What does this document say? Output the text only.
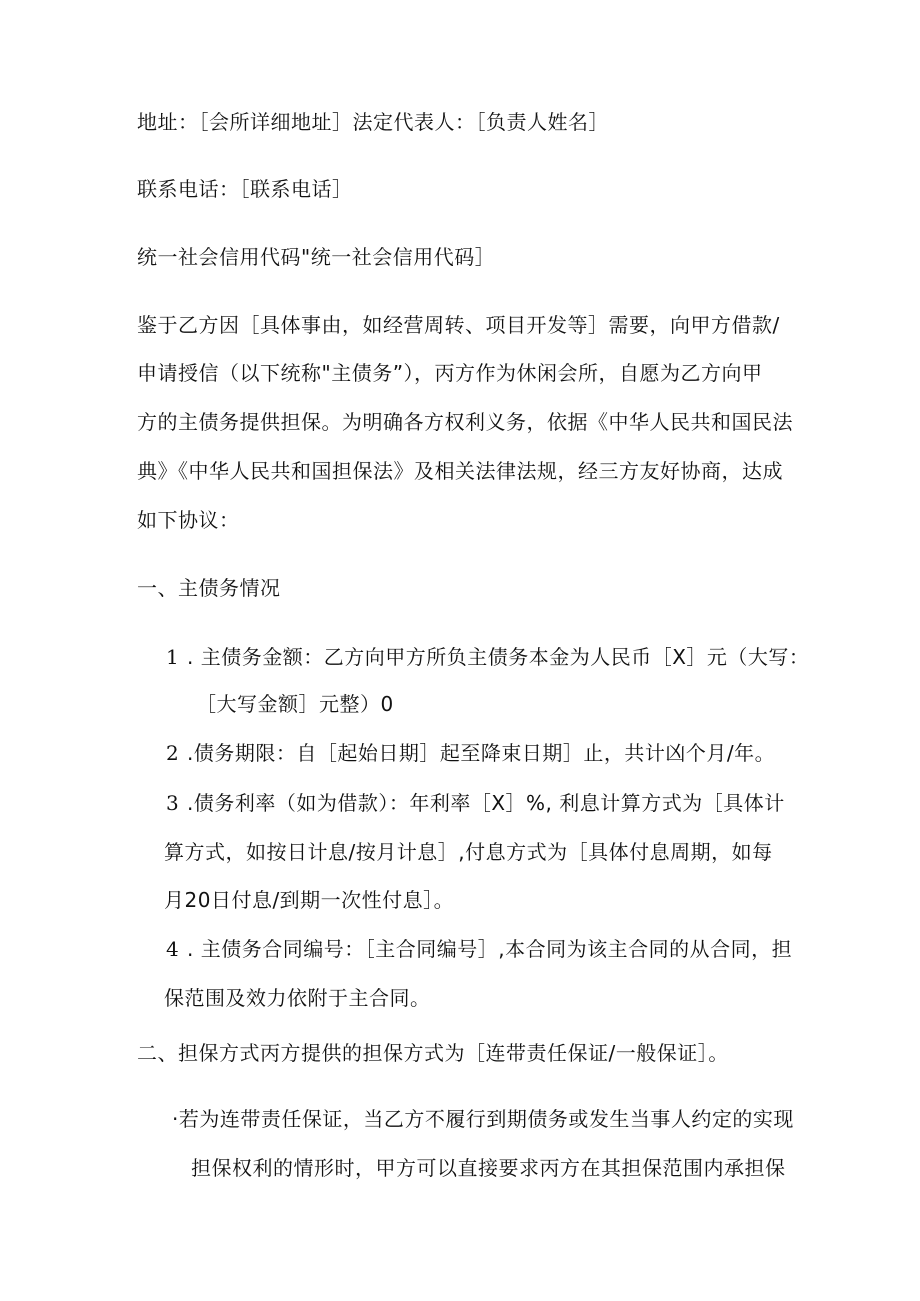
地址：［会所详细地址］法定代表人：［负责人姓名］
联系电话：［联系电话］
统一社会信用代码"统一社会信用代码］
鉴于乙方因［具体事由，如经营周转、项目开发等］需要，向甲方借款/
申请授信（以下统称"主债务”），丙方作为休闲会所，自愿为乙方向甲
方的主债务提供担保。为明确各方权利义务，依据《中华人民共和国民法
典》《中华人民共和国担保法》及相关法律法规，经三方友好协商，达成
如下协议：
一、主债务情况
1 . 主债务金额：乙方向甲方所负主债务本金为人民币［X］元（大写：
［大写金额］元整）0
2 .债务期限：自［起始日期］起至降束日期］止，共计凶个月/年。
3 .债务利率（如为借款）：年利率［X］%, 利息计算方式为［具体计
算方式，如按日计息/按月计息］,付息方式为［具体付息周期，如每
月20日付息/到期一次性付息］。
4 . 主债务合同编号：［主合同编号］,本合同为该主合同的从合同，担
保范围及效力依附于主合同。
二、担保方式丙方提供的担保方式为［连带责任保证/一般保证］。
·若为连带责任保证，当乙方不履行到期债务或发生当事人约定的实现
担保权利的情形时，甲方可以直接要求丙方在其担保范围内承担保
